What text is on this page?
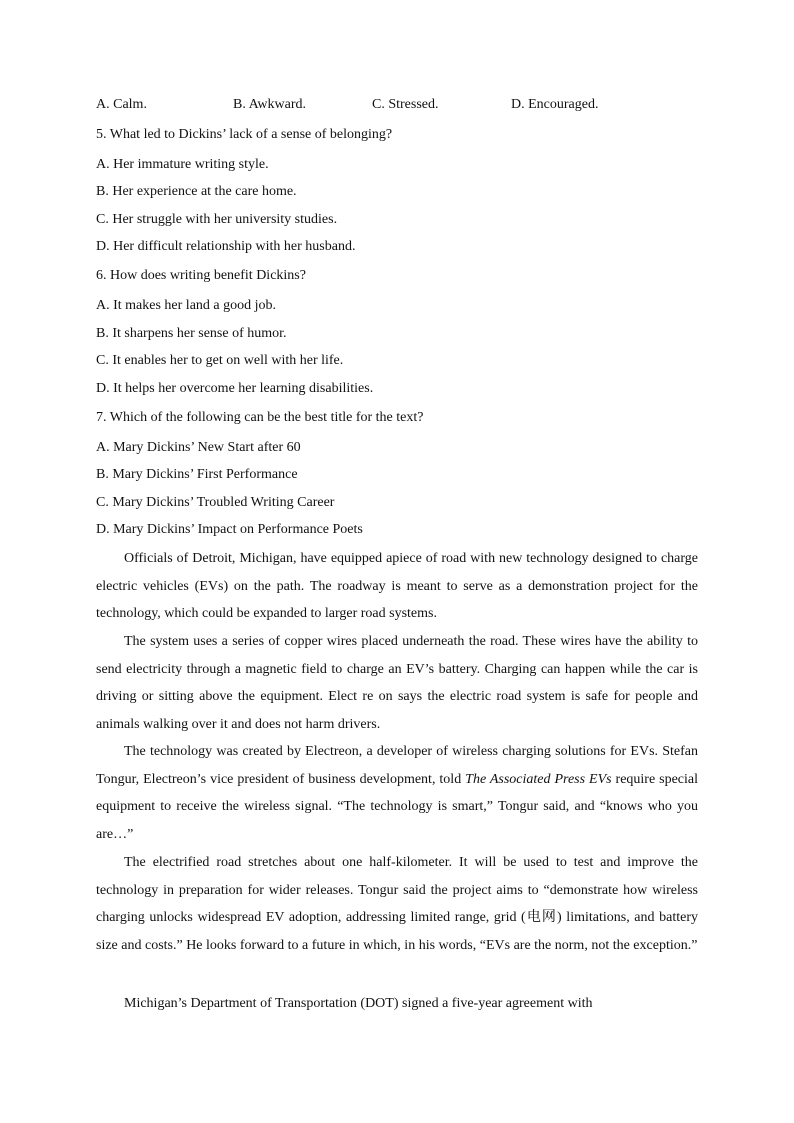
A. Calm.	B. Awkward.	C. Stressed.	D. Encouraged.
5. What led to Dickins’ lack of a sense of belonging?
A. Her immature writing style.
B. Her experience at the care home.
C. Her struggle with her university studies.
D. Her difficult relationship with her husband.
6. How does writing benefit Dickins?
A. It makes her land a good job.
B. It sharpens her sense of humor.
C. It enables her to get on well with her life.
D. It helps her overcome her learning disabilities.
7. Which of the following can be the best title for the text?
A. Mary Dickins’ New Start after 60
B. Mary Dickins’ First Performance
C. Mary Dickins’ Troubled Writing Career
D. Mary Dickins’ Impact on Performance Poets
Officials of Detroit, Michigan, have equipped apiece of road with new technology designed to charge electric vehicles (EVs) on the path. The roadway is meant to serve as a demonstration project for the technology, which could be expanded to larger road systems.
The system uses a series of copper wires placed underneath the road. These wires have the ability to send electricity through a magnetic field to charge an EV’s battery. Charging can happen while the car is driving or sitting above the equipment. Elect re on says the electric road system is safe for people and animals walking over it and does not harm drivers.
The technology was created by Electreon, a developer of wireless charging solutions for EVs. Stefan Tongur, Electreon’s vice president of business development, told The Associated Press EVs require special equipment to receive the wireless signal. “The technology is smart,” Tongur said, and “knows who you are…”
The electrified road stretches about one half-kilometer. It will be used to test and improve the technology in preparation for wider releases. Tongur said the project aims to “demonstrate how wireless charging unlocks widespread EV adoption, addressing limited range, grid (电网) limitations, and battery size and costs.” He looks forward to a future in which, in his words, “EVs are the norm, not the exception.”
Michigan’s Department of Transportation (DOT) signed a five-year agreement with
